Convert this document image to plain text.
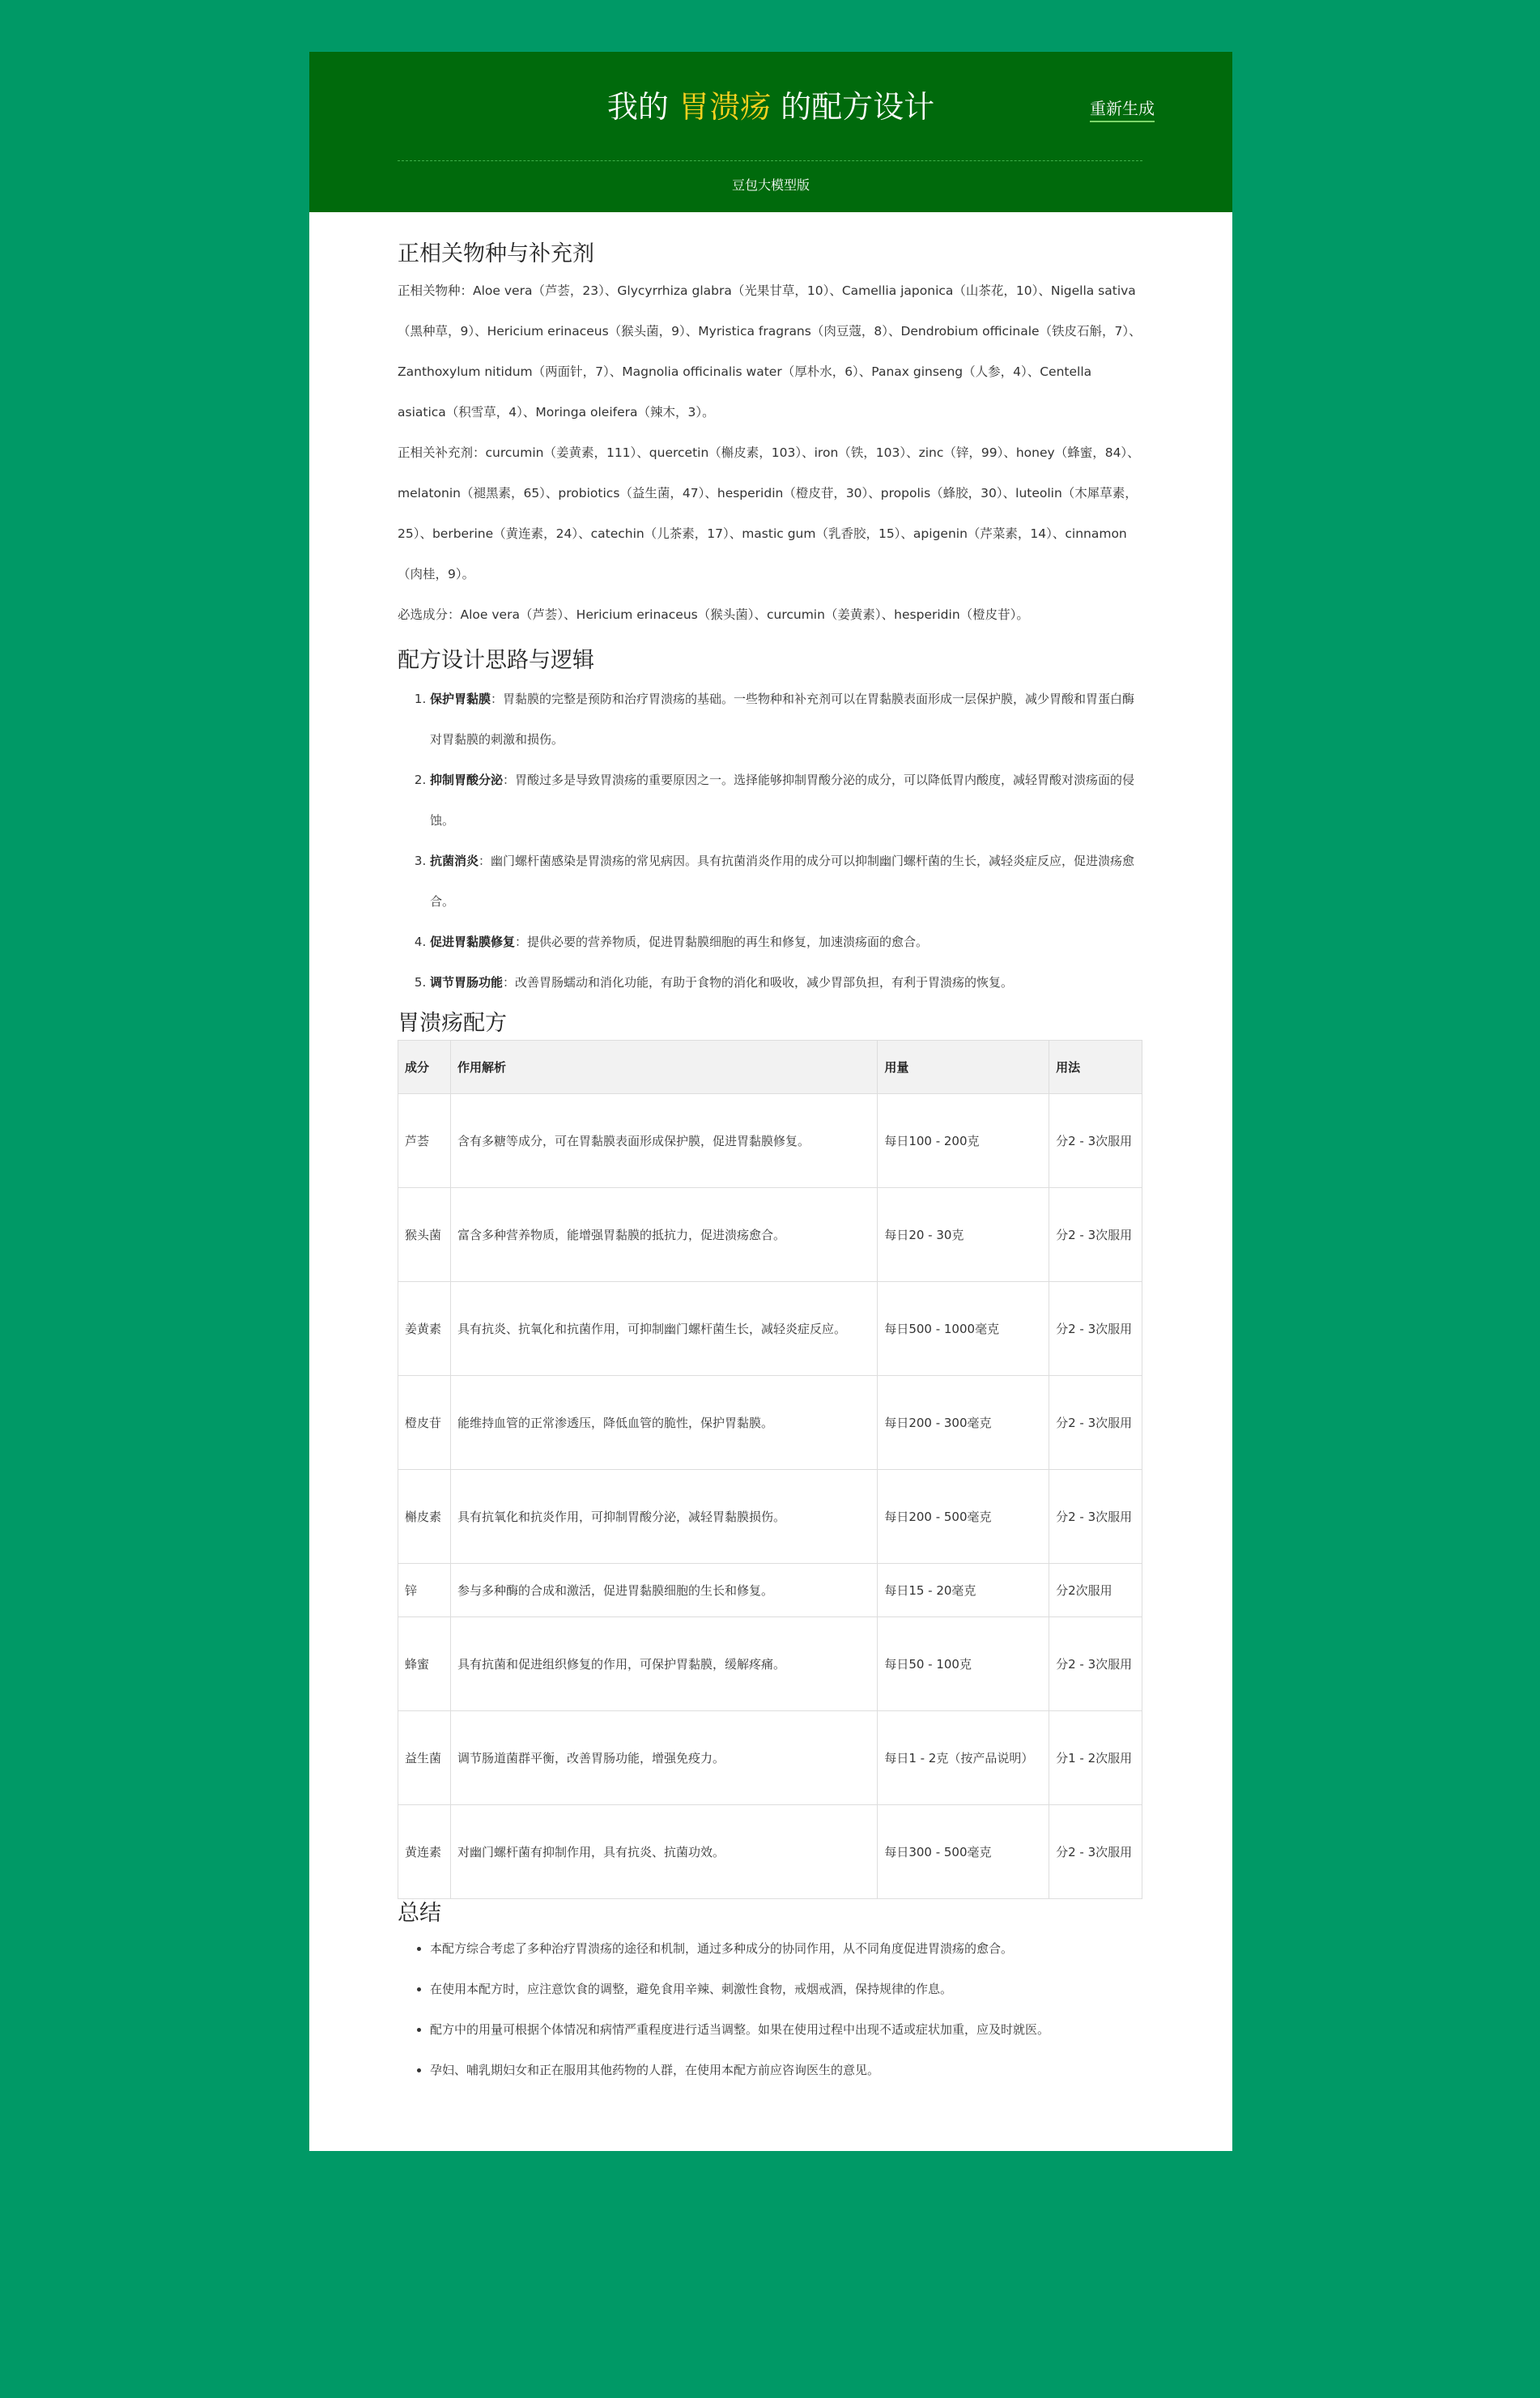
我的 胃溃疡 的配方设计	重新生成
豆包大模型版
正相关物种与补充剂

正相关物种：Aloe vera（芦荟，23）、Glycyrrhiza glabra（光果甘草，10）、Camellia japonica（山茶花，10）、Nigella sativa（黑种草，9）、Hericium erinaceus（猴头菌，9）、Myristica fragrans（肉豆蔻，8）、Dendrobium officinale（铁皮石斛，7）、Zanthoxylum nitidum（两面针，7）、Magnolia officinalis water（厚朴水，6）、Panax ginseng（人参，4）、Centella asiatica（积雪草，4）、Moringa oleifera（辣木，3）。

正相关补充剂：curcumin（姜黄素，111）、quercetin（槲皮素，103）、iron（铁，103）、zinc（锌，99）、honey（蜂蜜，84）、melatonin（褪黑素，65）、probiotics（益生菌，47）、hesperidin（橙皮苷，30）、propolis（蜂胶，30）、luteolin（木犀草素，25）、berberine（黄连素，24）、catechin（儿茶素，17）、mastic gum（乳香胶，15）、apigenin（芹菜素，14）、cinnamon（肉桂，9）。

必选成分：Aloe vera（芦荟）、Hericium erinaceus（猴头菌）、curcumin（姜黄素）、hesperidin（橙皮苷）。

配方设计思路与逻辑
1. 保护胃黏膜：胃黏膜的完整是预防和治疗胃溃疡的基础。一些物种和补充剂可以在胃黏膜表面形成一层保护膜，减少胃酸和胃蛋白酶对胃黏膜的刺激和损伤。
2. 抑制胃酸分泌：胃酸过多是导致胃溃疡的重要原因之一。选择能够抑制胃酸分泌的成分，可以降低胃内酸度，减轻胃酸对溃疡面的侵蚀。
3. 抗菌消炎：幽门螺杆菌感染是胃溃疡的常见病因。具有抗菌消炎作用的成分可以抑制幽门螺杆菌的生长，减轻炎症反应，促进溃疡愈合。
4. 促进胃黏膜修复：提供必要的营养物质，促进胃黏膜细胞的再生和修复，加速溃疡面的愈合。
5. 调节胃肠功能：改善胃肠蠕动和消化功能，有助于食物的消化和吸收，减少胃部负担，有利于胃溃疡的恢复。
胃溃疡配方
成分	作用解析	用量	用法
芦荟	含有多糖等成分，可在胃黏膜表面形成保护膜，促进胃黏膜修复。	每日100 - 200克	分2 - 3次服用
猴头菌	富含多种营养物质，能增强胃黏膜的抵抗力，促进溃疡愈合。	每日20 - 30克	分2 - 3次服用
姜黄素	具有抗炎、抗氧化和抗菌作用，可抑制幽门螺杆菌生长，减轻炎症反应。	每日500 - 1000毫克	分2 - 3次服用
橙皮苷	能维持血管的正常渗透压，降低血管的脆性，保护胃黏膜。	每日200 - 300毫克	分2 - 3次服用
槲皮素	具有抗氧化和抗炎作用，可抑制胃酸分泌，减轻胃黏膜损伤。	每日200 - 500毫克	分2 - 3次服用
锌	参与多种酶的合成和激活，促进胃黏膜细胞的生长和修复。	每日15 - 20毫克	分2次服用
蜂蜜	具有抗菌和促进组织修复的作用，可保护胃黏膜，缓解疼痛。	每日50 - 100克	分2 - 3次服用
益生菌	调节肠道菌群平衡，改善胃肠功能，增强免疫力。	每日1 - 2克（按产品说明）	分1 - 2次服用
黄连素	对幽门螺杆菌有抑制作用，具有抗炎、抗菌功效。	每日300 - 500毫克	分2 - 3次服用
总结
• 本配方综合考虑了多种治疗胃溃疡的途径和机制，通过多种成分的协同作用，从不同角度促进胃溃疡的愈合。
• 在使用本配方时，应注意饮食的调整，避免食用辛辣、刺激性食物，戒烟戒酒，保持规律的作息。
• 配方中的用量可根据个体情况和病情严重程度进行适当调整。如果在使用过程中出现不适或症状加重，应及时就医。
• 孕妇、哺乳期妇女和正在服用其他药物的人群，在使用本配方前应咨询医生的意见。
